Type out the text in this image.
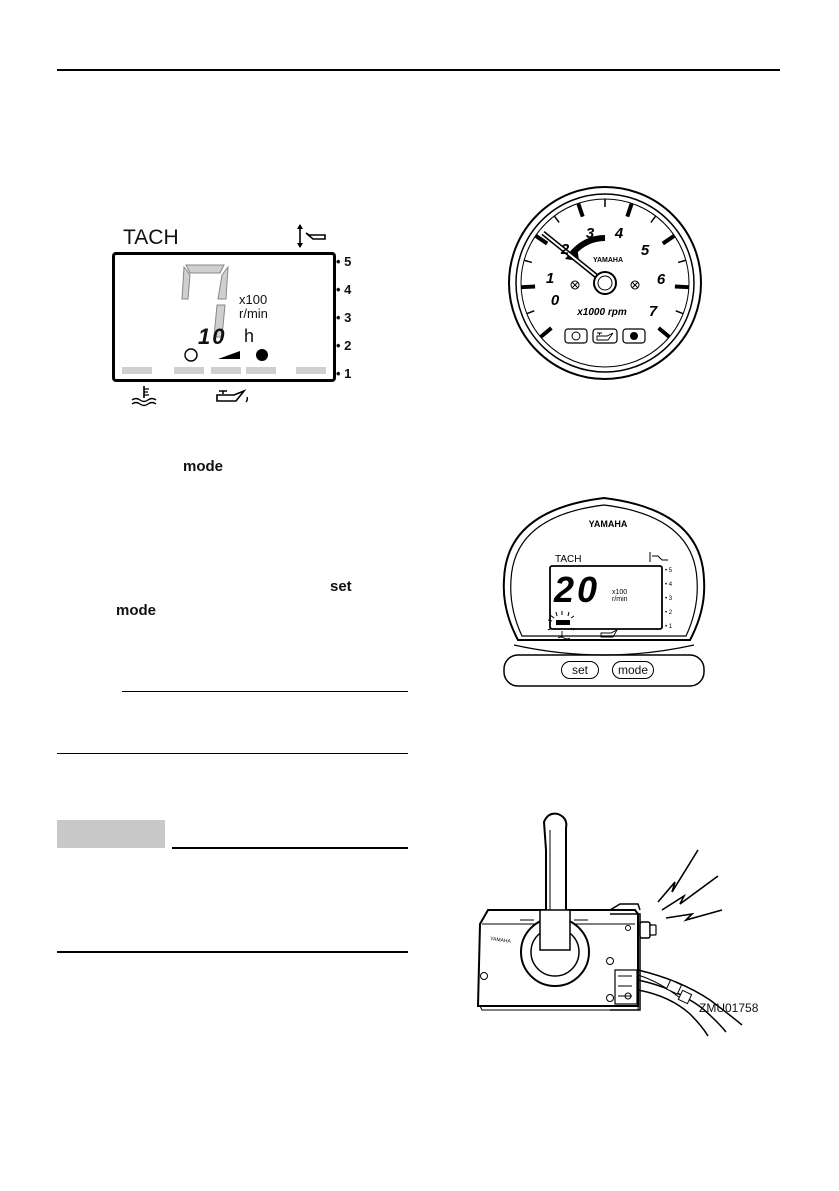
TACH
x100
r/min
10 h
• 5
• 4
• 3
• 2
• 1
mode
set
mode
YAMAHA
0
1
2
3 4
5
6
7
x1000 rpm
YAMAHA
TACH
20 x100
r/min
• 5
• 4
• 3
• 2
• 1
set	mode
YAMAHA
ZMU01758
